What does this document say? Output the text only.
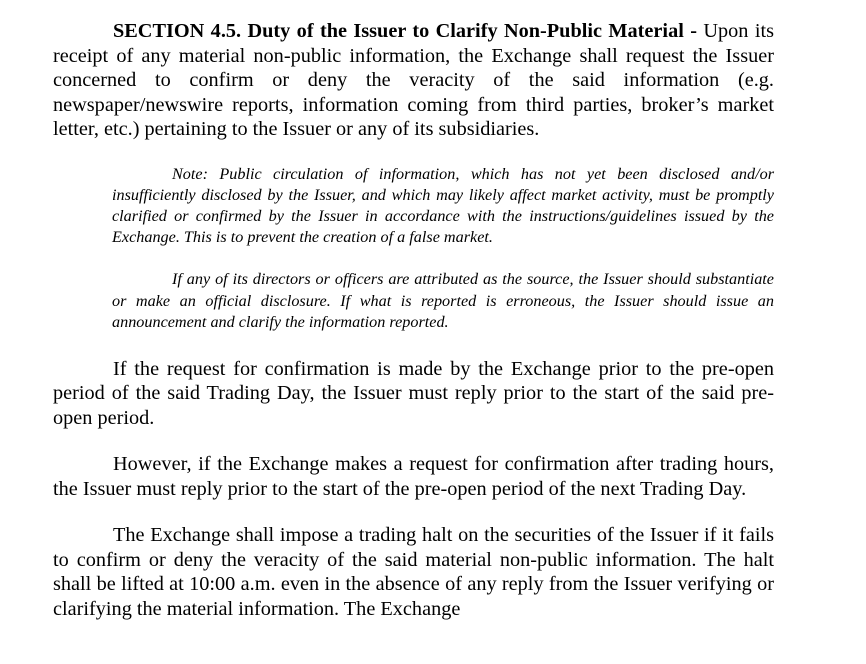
SECTION 4.5. Duty of the Issuer to Clarify Non-Public Material - Upon its receipt of any material non-public information, the Exchange shall request the Issuer concerned to confirm or deny the veracity of the said information (e.g. newspaper/newswire reports, information coming from third parties, broker’s market letter, etc.) pertaining to the Issuer or any of its subsidiaries.

Note: Public circulation of information, which has not yet been disclosed and/or insufficiently disclosed by the Issuer, and which may likely affect market activity, must be promptly clarified or confirmed by the Issuer in accordance with the instructions/guidelines issued by the Exchange. This is to prevent the creation of a false market.

If any of its directors or officers are attributed as the source, the Issuer should substantiate or make an official disclosure. If what is reported is erroneous, the Issuer should issue an announcement and clarify the information reported.

If the request for confirmation is made by the Exchange prior to the pre-open period of the said Trading Day, the Issuer must reply prior to the start of the said pre-open period.

However, if the Exchange makes a request for confirmation after trading hours, the Issuer must reply prior to the start of the pre-open period of the next Trading Day.

The Exchange shall impose a trading halt on the securities of the Issuer if it fails to confirm or deny the veracity of the said material non-public information. The halt shall be lifted at 10:00 a.m. even in the absence of any reply from the Issuer verifying or clarifying the material information. The Exchange
